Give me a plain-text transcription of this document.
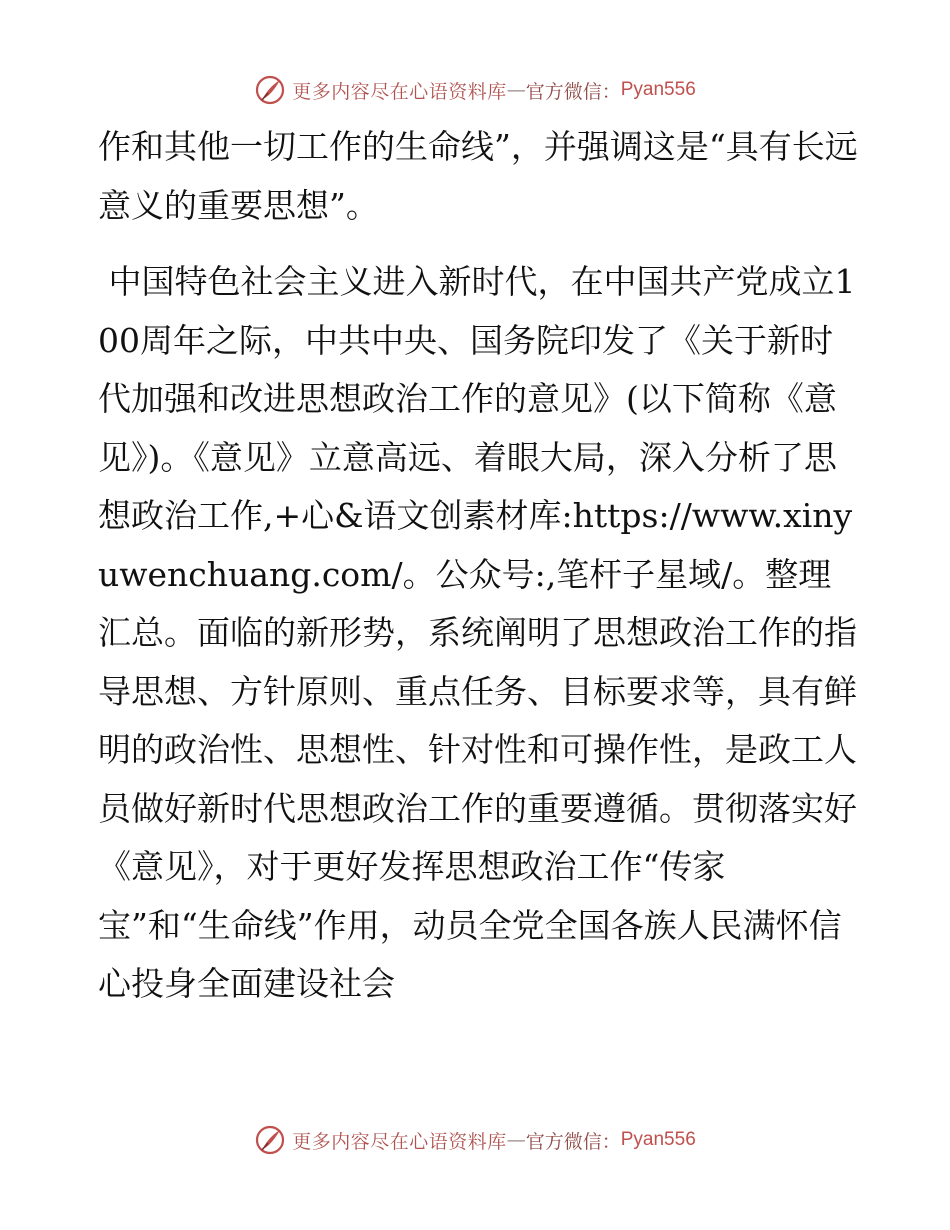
更多内容尽在心语资料库 — 官方微信： Pyan556

作和其他一切工作的生命线”，并强调这是“具有长远意义的重要思想”。

中国特色社会主义进入新时代，在中国共产党成立100周年之际，中共中央、国务院印发了《关于新时代加强和改进思想政治工作的意见》(以下简称《意见》)。《意见》立意高远、着眼大局，深入分析了思想政治工作,+心&语文创素材库:https://www.xinyuwenchuang.com/。公众号:,笔杆子星域/。整理汇总。面临的新形势，系统阐明了思想政治工作的指导思想、方针原则、重点任务、目标要求等，具有鲜明的政治性、思想性、针对性和可操作性，是政工人员做好新时代思想政治工作的重要遵循。贯彻落实好《意见》，对于更好发挥思想政治工作“传家宝”和“生命线”作用，动员全党全国各族人民满怀信心投身全面建设社会

更多内容尽在心语资料库 — 官方微信： Pyan556
